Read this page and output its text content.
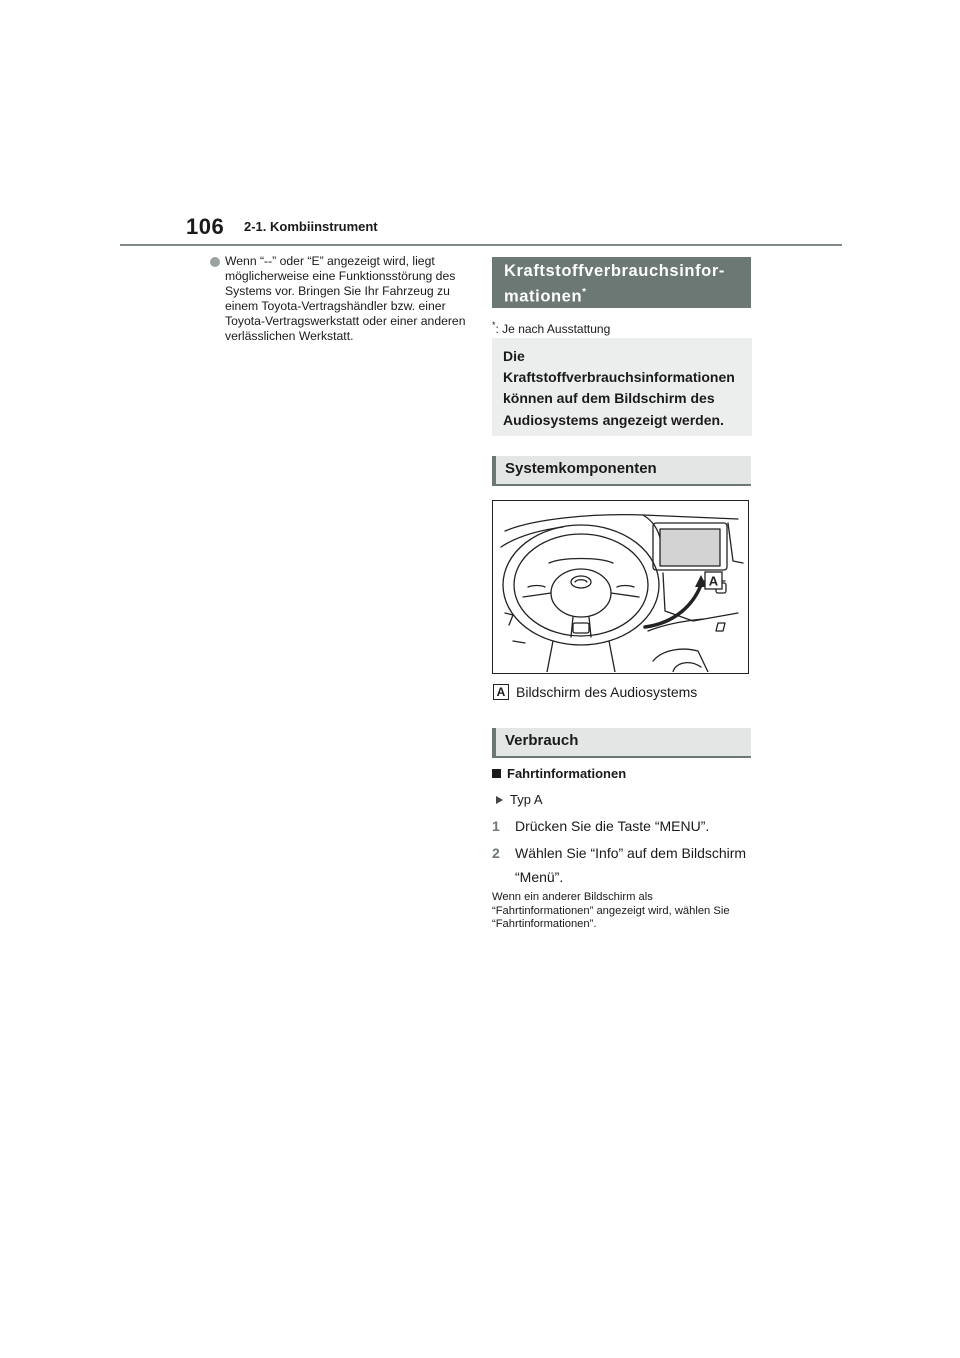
106 2-1. Kombiinstrument
Wenn “--” oder “E” angezeigt wird, liegt möglicherweise eine Funktionsstörung des Systems vor. Bringen Sie Ihr Fahrzeug zu einem Toyota-Vertragshändler bzw. einer Toyota-Vertragswerkstatt oder einer anderen verlässlichen Werkstatt.
Kraftstoffverbrauchsinfor-
mationen*
*: Je nach Ausstattung
Die Kraftstoffverbrauchsinformationen können auf dem Bildschirm des Audiosystems angezeigt werden.
Systemkomponenten
A
A Bildschirm des Audiosystems
Verbrauch
Fahrtinformationen
Typ A
1	Drücken Sie die Taste “MENU”.
2	Wählen Sie “Info” auf dem Bildschirm “Menü”.
Wenn ein anderer Bildschirm als “Fahrtinformationen” angezeigt wird, wählen Sie “Fahrtinformationen”.
